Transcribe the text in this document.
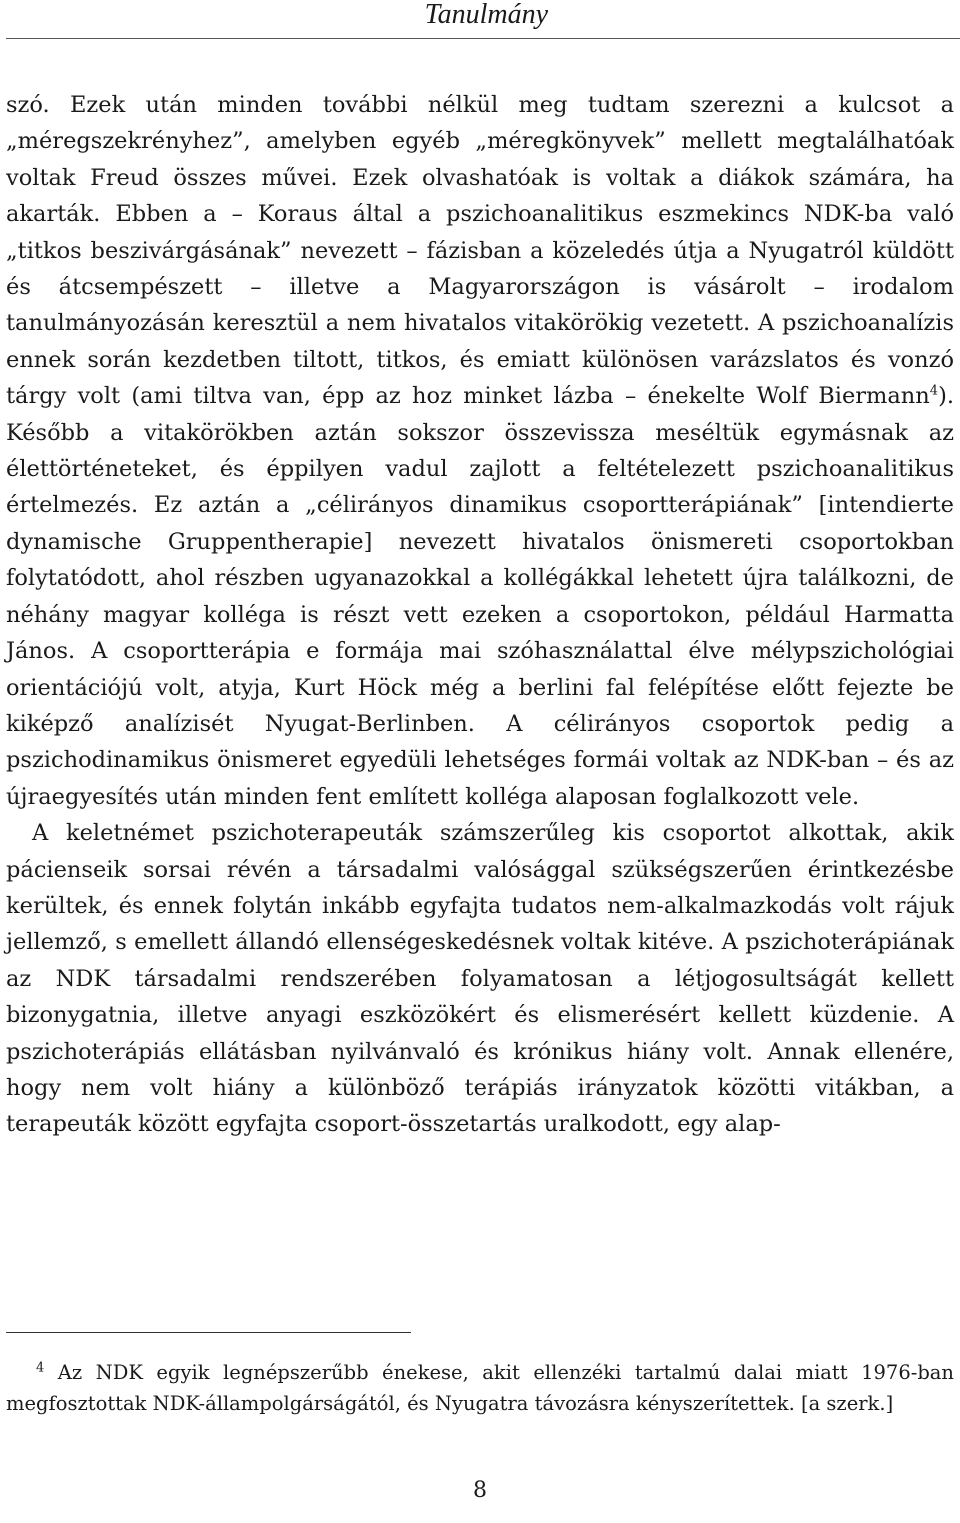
Tanulmány

szó. Ezek után minden további nélkül meg tudtam szerezni a kulcsot a „méregszekrényhez”, amelyben egyéb „méregkönyvek” mellett megtalálhatóak voltak Freud összes művei. Ezek olvashatóak is voltak a diákok számára, ha akarták. Ebben a – Koraus által a pszichoanalitikus eszmekincs NDK-ba való „titkos beszivárgásának” nevezett – fázisban a közeledés útja a Nyugatról küldött és átcsempészett – illetve a Magyarországon is vásárolt – irodalom tanulmányozásán keresztül a nem hivatalos vitakörökig vezetett. A pszichoanalízis ennek során kezdetben tiltott, titkos, és emiatt különösen varázslatos és vonzó tárgy volt (ami tiltva van, épp az hoz minket lázba – énekelte Wolf Biermann$^4$). Később a vitakörökben aztán sokszor összevissza meséltük egymásnak az élettörténeteket, és éppilyen vadul zajlott a feltételezett pszichoanalitikus értelmezés. Ez aztán a „célirányos dinamikus csoportterápiának” [intendierte dynamische Gruppentherapie] nevezett hivatalos önismereti csoportokban folytatódott, ahol részben ugyanazokkal a kollégákkal lehetett újra találkozni, de néhány magyar kolléga is részt vett ezeken a csoportokon, például Harmatta János. A csoportterápia e formája mai szóhasználattal élve mélypszichológiai orientációjú volt, atyja, Kurt Höck még a berlini fal felépítése előtt fejezte be kiképző analízisét Nyugat-Berlinben. A célirányos csoportok pedig a pszichodinamikus önismeret egyedüli lehetséges formái voltak az NDK-ban – és az újraegyesítés után minden fent említett kolléga alaposan foglalkozott vele.

A keletnémet pszichoterapeuták számszerűleg kis csoportot alkottak, akik pácienseik sorsai révén a társadalmi valósággal szükségszerűen érintkezésbe kerültek, és ennek folytán inkább egyfajta tudatos nem-alkalmazkodás volt rájuk jellemző, s emellett állandó ellenségeskedésnek voltak kitéve. A pszichoterápiának az NDK társadalmi rendszerében folyamatosan a létjogosultságát kellett bizonygatnia, illetve anyagi eszközökért és elismerésért kellett küzdenie. A pszichoterápiás ellátásban nyilvánvaló és krónikus hiány volt. Annak ellenére, hogy nem volt hiány a különböző terápiás irányzatok közötti vitákban, a terapeuták között egyfajta csoport-összetartás uralkodott, egy alap-

$^4$ Az NDK egyik legnépszerűbb énekese, akit ellenzéki tartalmú dalai miatt 1976-ban megfosztottak NDK-állampolgárságától, és Nyugatra távozásra kényszerítettek. [a szerk.]

8
